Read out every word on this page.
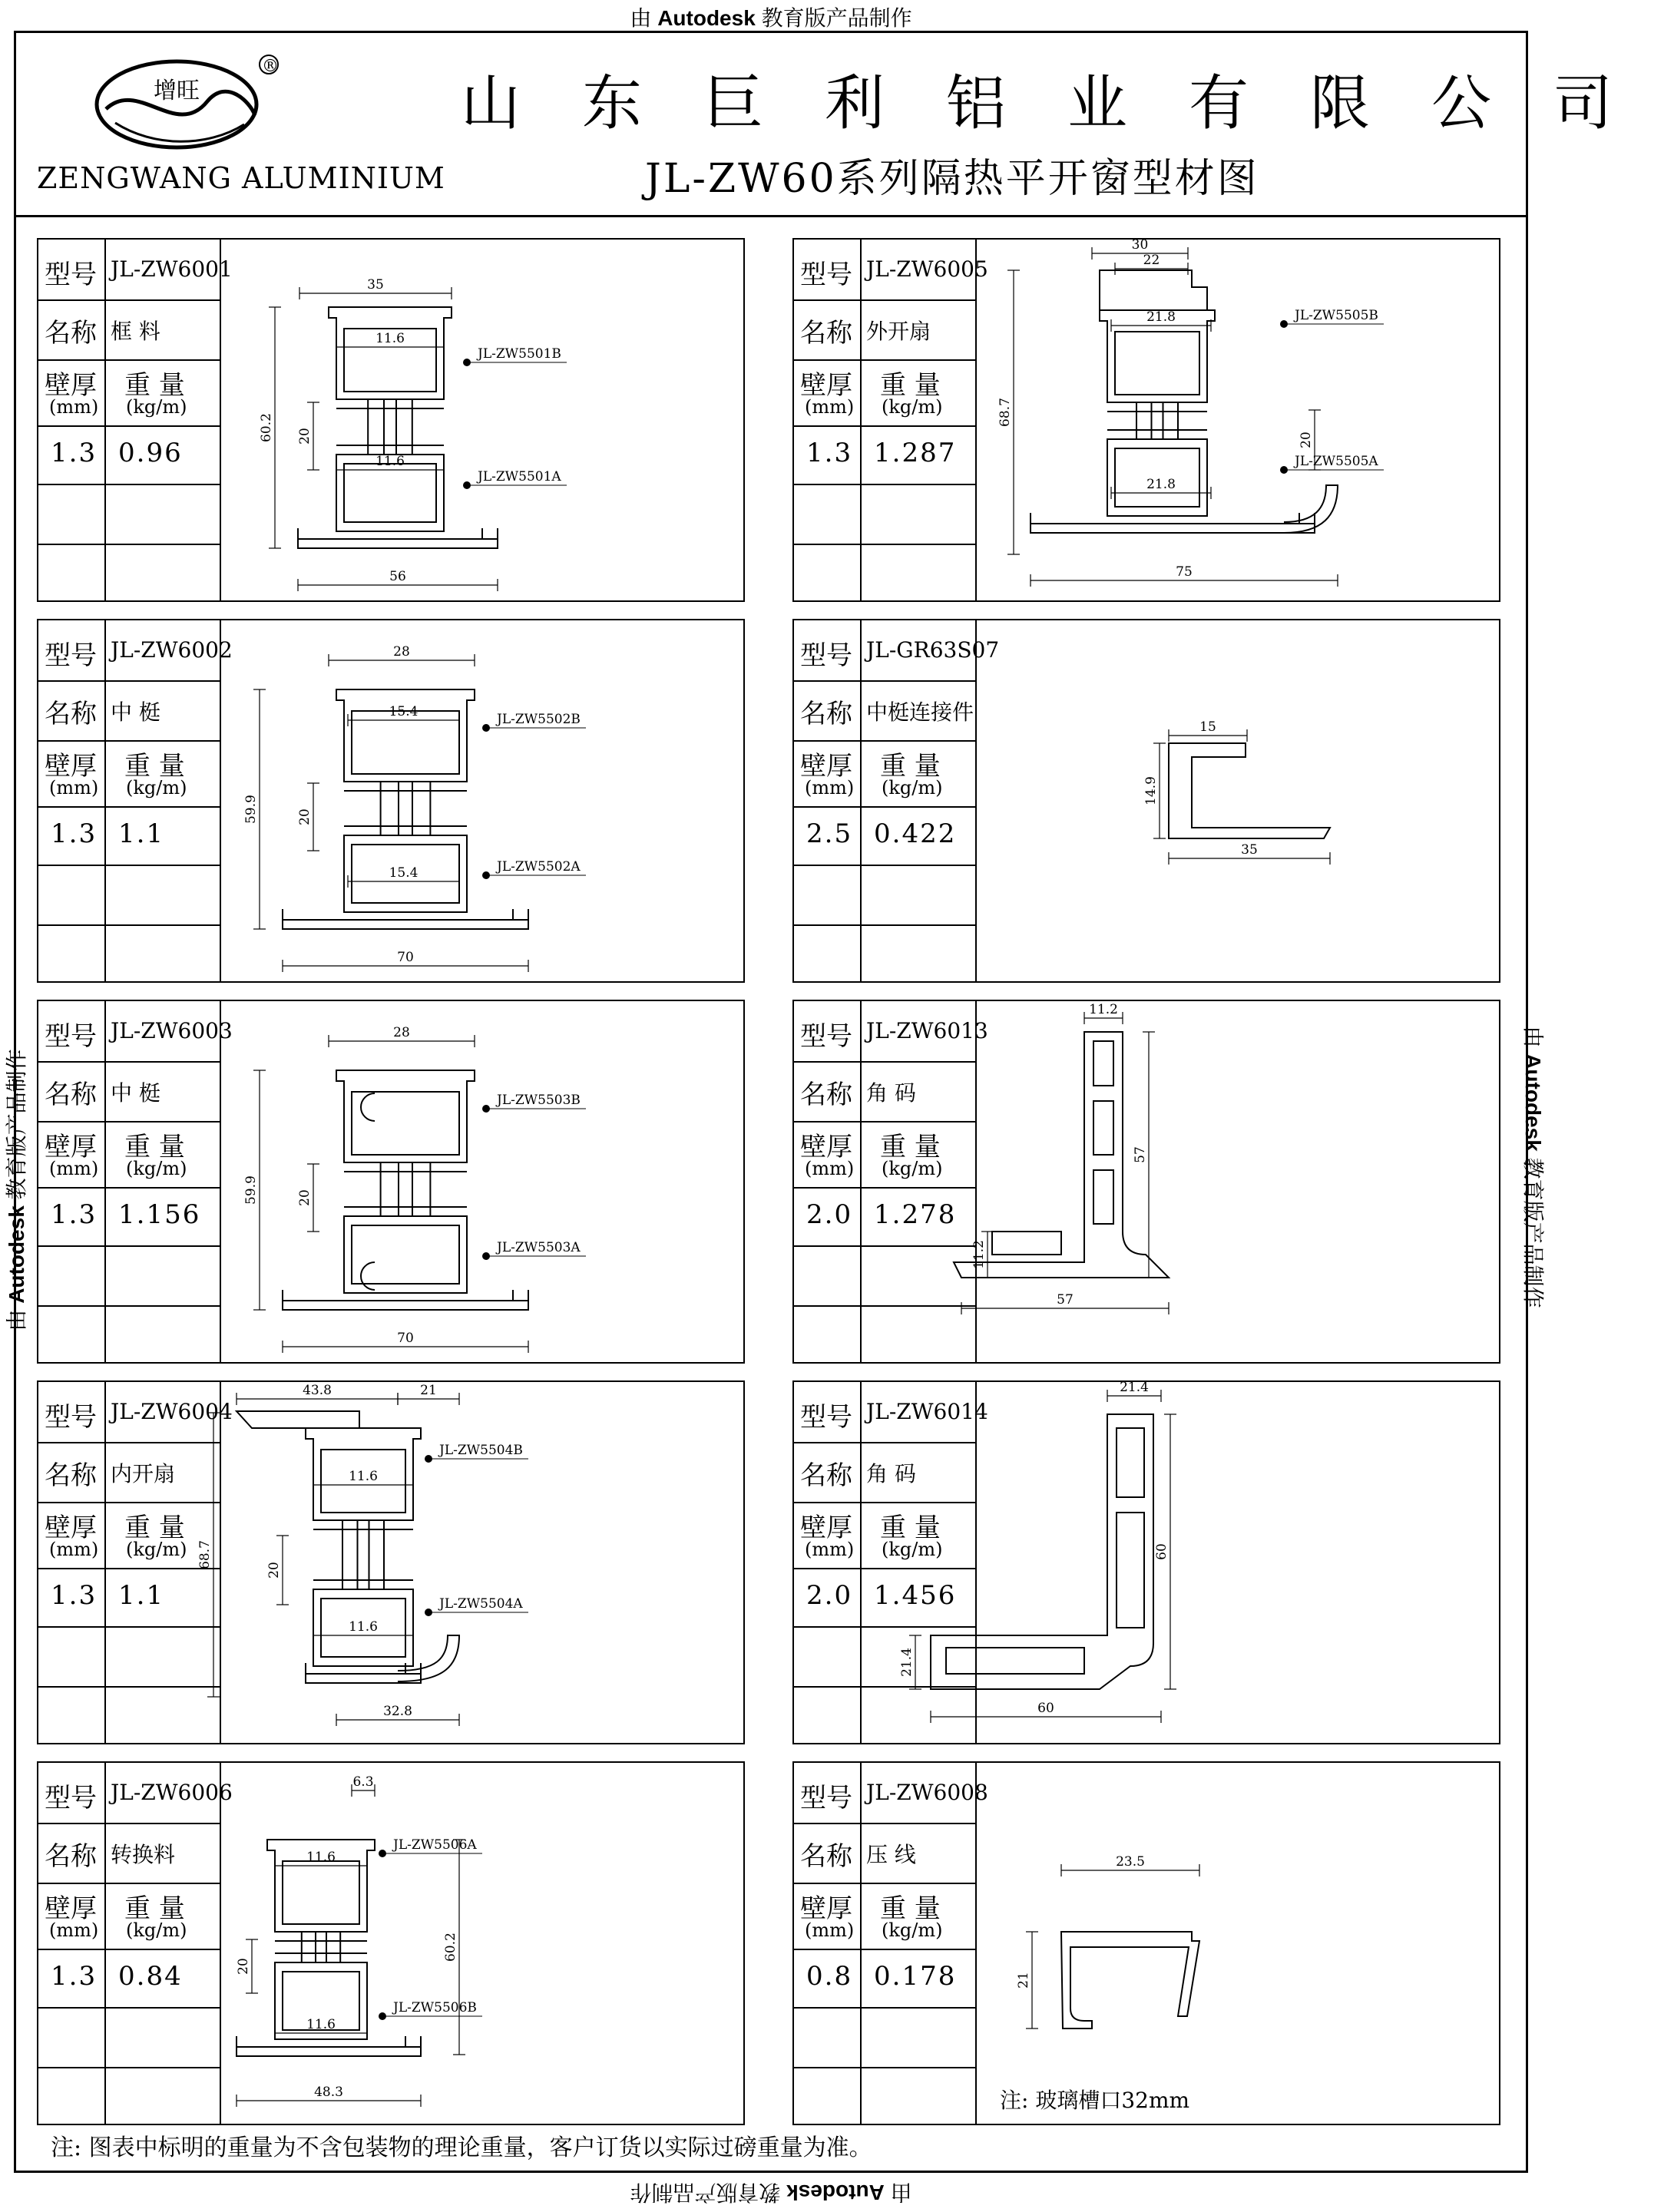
由 Autodesk 教育版产品制作
由 Autodesk 教育版产品制作
由 Autodesk 教育版产品制作
由 Autodesk 教育版产品制作
增旺
®
ZENGWANG ALUMINIUM
山东巨利铝业有限公司
JL-ZW60系列隔热平开窗型材图
型号 JL-ZW6001
名称 框 料
壁厚
(mm)
重 量
(kg/m)
1.3 0.96
35
11.6
60.2 20
11.6
56
JL-ZW5501B
JL-ZW5501A
型号 JL-ZW6005
名称 外开扇
壁厚
(mm)
重 量
(kg/m)
1.3 1.287
30
22
21.8
68.7
20
21.8
75
JL-ZW5505B
JL-ZW5505A
型号 JL-ZW6002
名称 中 梃
壁厚
(mm)
重 量
(kg/m)
1.3 1.1
28
15.4
59.9	20
15.4
70
JL-ZW5502B
JL-ZW5502A
型号 JL-GR63S07
名称 中梃连接件
壁厚
(mm)
重 量
(kg/m)
2.5 0.422
15
14.9
35
型号 JL-ZW6003
名称 中 梃
壁厚
(mm)
重 量
(kg/m)
1.3 1.156
28
59.9	20
70
JL-ZW5503B
JL-ZW5503A
型号 JL-ZW6013
名称 角 码
壁厚
(mm)
重 量
(kg/m)
2.0 1.278
11.2
57
11.2
57
型号 JL-ZW6004
名称 内开扇
壁厚
(mm)
重 量
(kg/m)
1.3 1.1
43.8	21
11.6
68.7
20
11.6
32.8
JL-ZW5504B
JL-ZW5504A
型号 JL-ZW6014
名称 角 码
壁厚
(mm)
重 量
(kg/m)
2.0 1.456
21.4
60
21.4
60
型号 JL-ZW6006
名称 转换料
壁厚
(mm)
重 量
(kg/m)
1.3 0.84
6.3
11.6
60.2
20
11.6
48.3
JL-ZW5506A
JL-ZW5506B
型号 JL-ZW6008
名称 压 线
壁厚
(mm)
重 量
(kg/m)
0.8 0.178
23.5
21
注: 玻璃槽口32mm
注: 图表中标明的重量为不含包装物的理论重量，客户订货以实际过磅重量为准。
